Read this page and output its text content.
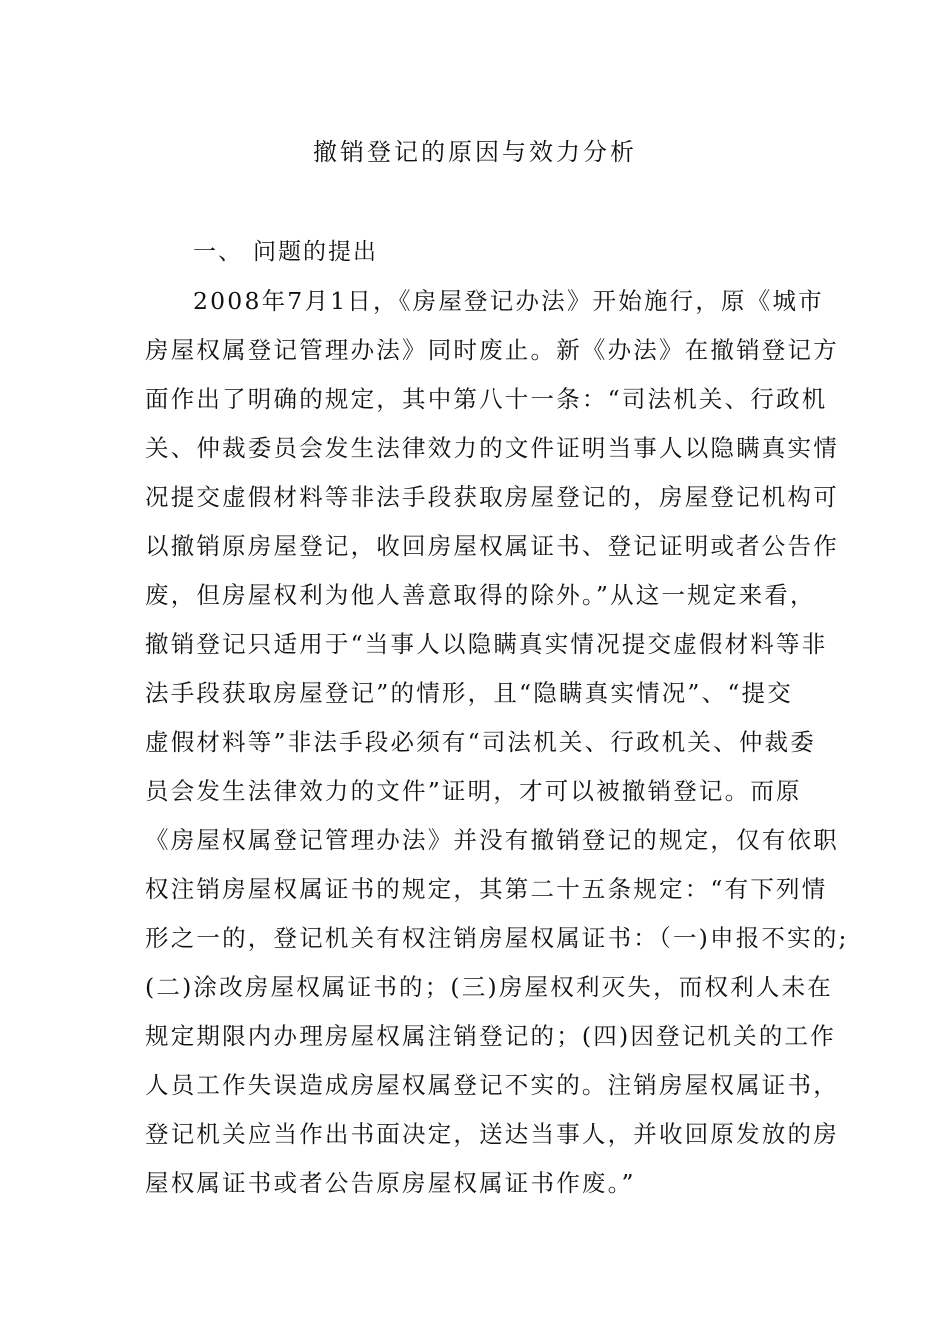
撤销登记的原因与效力分析
一、 问题的提出
2008年7月1日，《房屋登记办法》开始施行，原《城市
房屋权属登记管理办法》同时废止。新《办法》在撤销登记方
面作出了明确的规定，其中第八十一条：“司法机关、行政机
关、仲裁委员会发生法律效力的文件证明当事人以隐瞒真实情
况提交虚假材料等非法手段获取房屋登记的，房屋登记机构可
以撤销原房屋登记，收回房屋权属证书、登记证明或者公告作
废，但房屋权利为他人善意取得的除外。”从这一规定来看，
撤销登记只适用于“当事人以隐瞒真实情况提交虚假材料等非
法手段获取房屋登记”的情形，且“隐瞒真实情况”、“提交
虚假材料等”非法手段必须有“司法机关、行政机关、仲裁委
员会发生法律效力的文件”证明，才可以被撤销登记。而原
《房屋权属登记管理办法》并没有撤销登记的规定，仅有依职
权注销房屋权属证书的规定，其第二十五条规定：“有下列情
形之一的，登记机关有权注销房屋权属证书：（一)申报不实的;
(二)涂改房屋权属证书的；(三)房屋权利灭失，而权利人未在
规定期限内办理房屋权属注销登记的；(四)因登记机关的工作
人员工作失误造成房屋权属登记不实的。注销房屋权属证书，
登记机关应当作出书面决定，送达当事人，并收回原发放的房
屋权属证书或者公告原房屋权属证书作废。”
